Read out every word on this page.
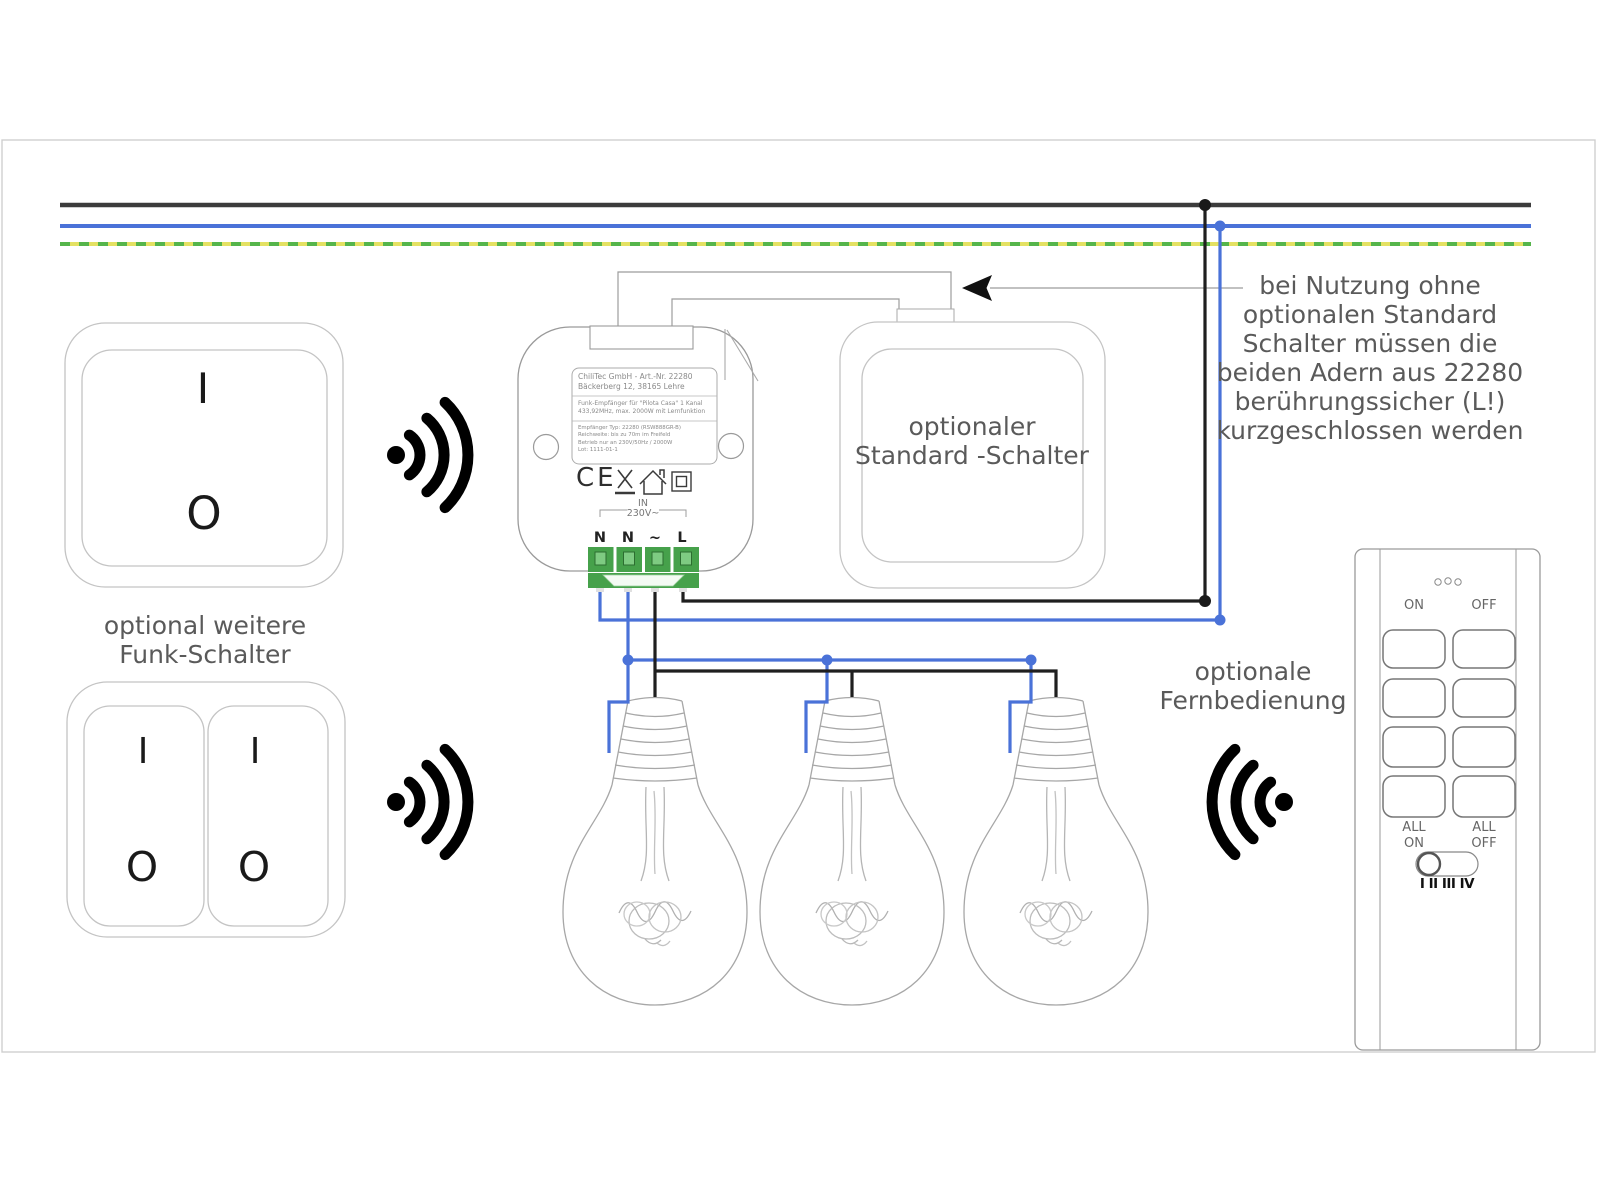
bei Nutzung ohne
optionalen Standard
Schalter müssen die
beiden Adern aus 22280
berührungssicher (L!)
kurzgeschlossen werden
optional weitere
Funk-Schalter
optionale
Fernbedienung
optionaler
Standard -Schalter
I
O
I	I
O O
ChiliTec GmbH - Art.-Nr. 22280
Bäckerberg 12, 38165 Lehre
Funk-Empfänger für "Pilota Casa" 1 Kanal
433,92MHz, max. 2000W mit Lernfunktion
Empfänger Typ: 22280 (RSW888GR-B)
Reichweite: bis zu 70m im Freifeld
Betrieb nur an 230V/50Hz / 2000W
Lot: 1111-01-1
CE
IN
230V~
N	N	~	L
ON	OFF
ALL
ON
ALL
OFF
I II III IV
